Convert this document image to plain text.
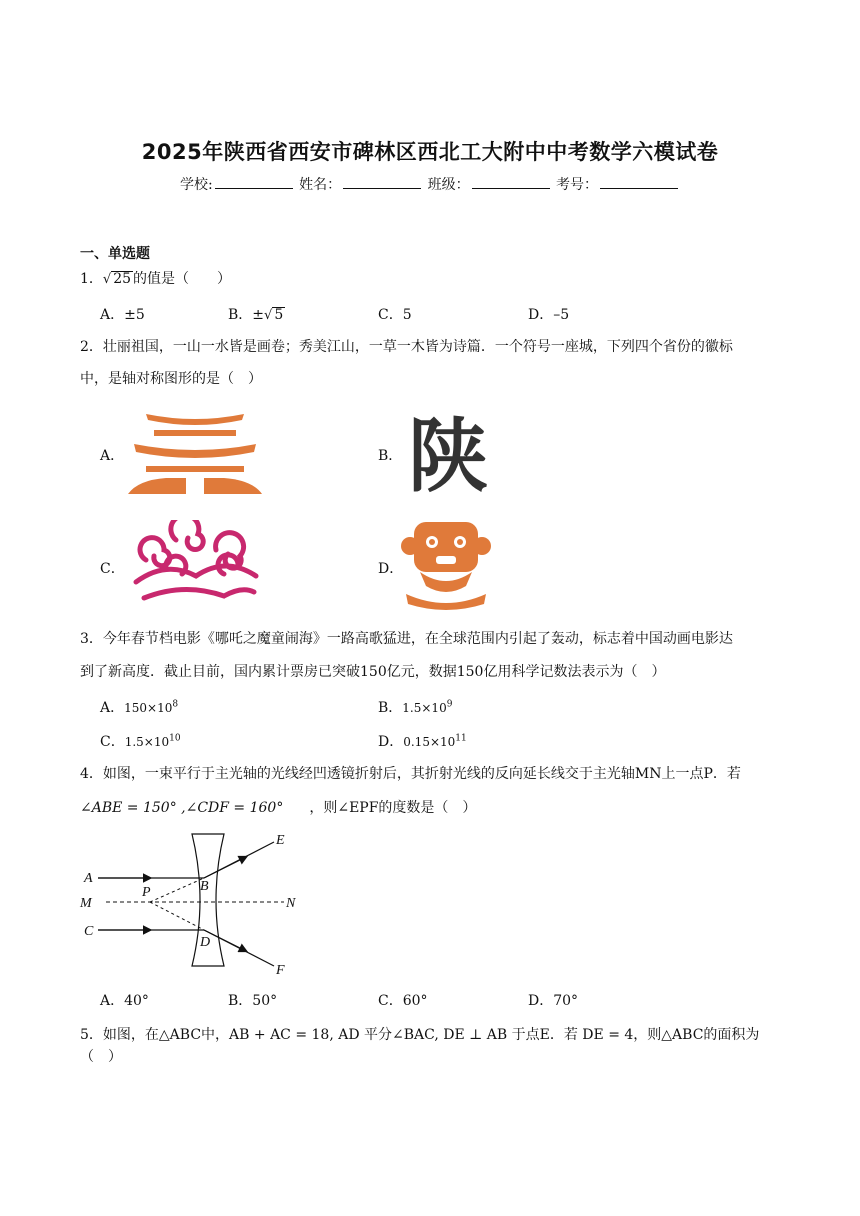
2025年陕西省西安市碑林区西北工大附中中考数学六模试卷
学校:	姓名：	班级：	考号：
一、单选题
1．√ 25 的值是（　　）
A．±5	B．±√ 5	C．5	D．–5
2．壮丽祖国，一山一水皆是画卷；秀美江山，一草一木皆为诗篇．一个符号一座城，下列四个省份的徽标
中，是轴对称图形的是（　）
A．	B． 陕
C．	D．
3．今年春节档电影《哪吒之魔童闹海》一路高歌猛进，在全球范围内引起了轰动，标志着中国动画电影达
到了新高度．截止目前，国内累计票房已突破150亿元，数据150亿用科学记数法表示为（　）
A．$150\times 10^8$	B．$1.5\times 10^9$
C．$1.5\times 10^{10}$	D．$0.15\times 10^{11}$
4．如图，一束平行于主光轴的光线经凹透镜折射后，其折射光线的反向延长线交于主光轴MN上一点P．若
∠ABE = 150° ,∠CDF = 160° ，则∠EPF的度数是（　）
A
B
C
D
E
F
M	N
P
A．40°	B．50°	C．60°	D．70°
5．如图，在△ABC中，AB + AC = 18, AD 平分∠BAC, DE ⊥ AB 于点E．若 DE = 4，则△ABC的面积为（　）
